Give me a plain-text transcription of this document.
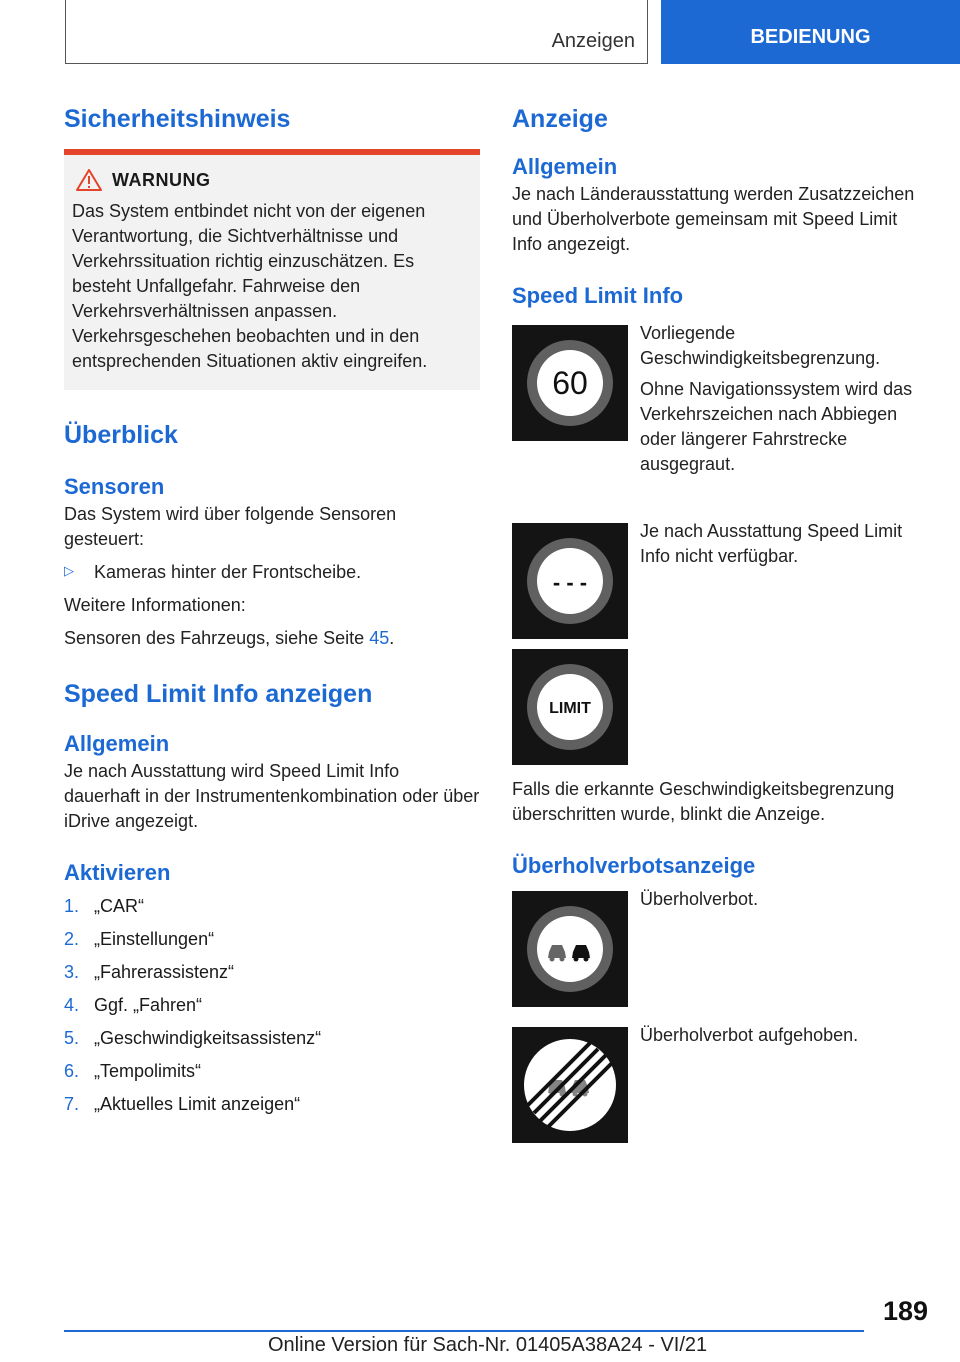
Anzeigen	BEDIENUNG
Sicherheitshinweis
WARNUNG

Das System entbindet nicht von der eigenen Verantwortung, die Sichtverhältnisse und Verkehrssituation richtig einzuschätzen. Es besteht Unfallgefahr. Fahrweise den Verkehrsverhältnissen anpassen. Verkehrsgeschehen beobachten und in den entsprechenden Situationen aktiv eingreifen.

Überblick
Sensoren

Das System wird über folgende Sensoren gesteuert:

▷	Kameras hinter der Frontscheibe.

Weitere Informationen:

Sensoren des Fahrzeugs, siehe Seite 45.

Speed Limit Info anzeigen
Allgemein

Je nach Ausstattung wird Speed Limit Info dauerhaft in der Instrumentenkombination oder über iDrive angezeigt.

Aktivieren
1. „CAR“
2. „Einstellungen“
3. „Fahrerassistenz“
4. Ggf. „Fahren“
5. „Geschwindigkeitsassistenz“
6. „Tempolimits“
7. „Aktuelles Limit anzeigen“
Anzeige
Allgemein

Je nach Länderausstattung werden Zusatzzeichen und Überholverbote gemeinsam mit Speed Limit Info angezeigt.

Speed Limit Info
60

Vorliegende Geschwindigkeitsbegrenzung.

Ohne Navigationssystem wird das Verkehrszeichen nach Abbiegen oder längerer Fahrstrecke ausgegraut.

- - -

Je nach Ausstattung Speed Limit Info nicht verfügbar.

LIMIT

Falls die erkannte Geschwindigkeitsbegrenzung überschritten wurde, blinkt die Anzeige.

Überholverbotsanzeige

Überholverbot.

Überholverbot aufgehoben.

189
Online Version für Sach-Nr. 01405A38A24 - VI/21
